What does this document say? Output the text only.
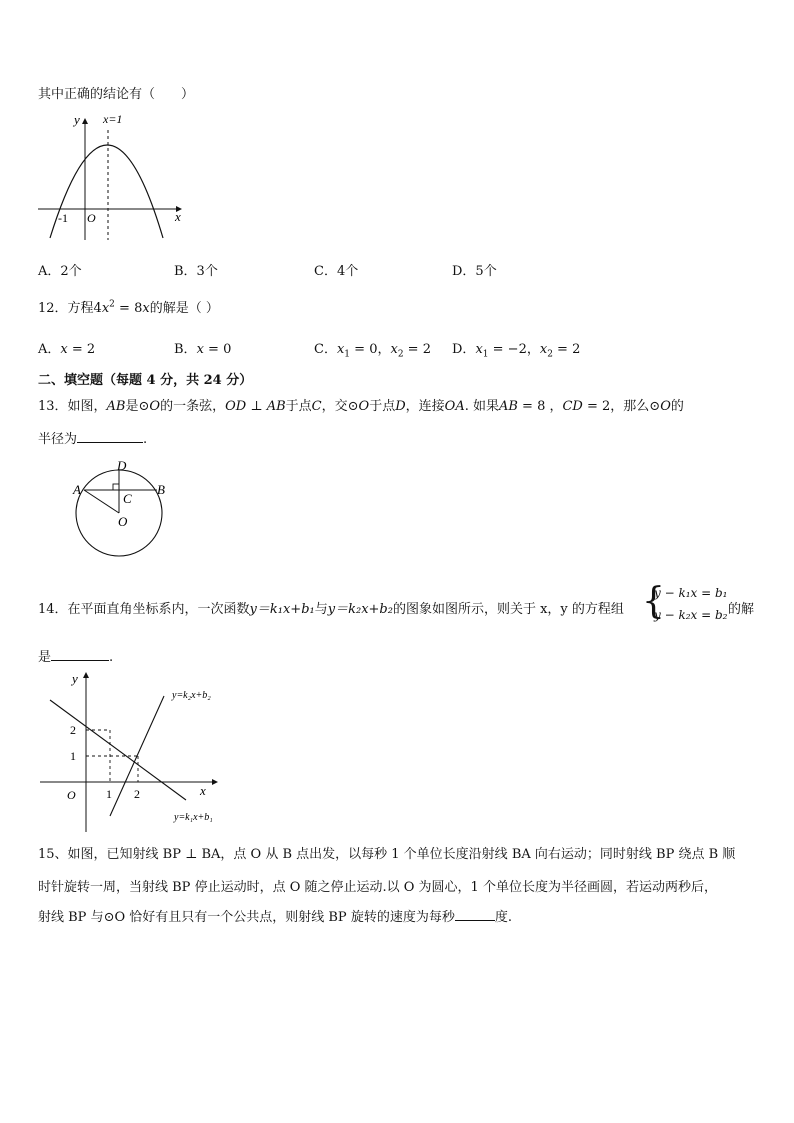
其中正确的结论有（　　）
y x=1
-1 O	x
A．2个	B．3个	C．4个	D．5个
12．方程$4x^2 = 8x$的解是（ ）
A．x = 2	B．x = 0	C．$x_1 = 0$，$x_2 = 2$ D．$x_1 = -2$，$x_2 = 2$
二、填空题（每题 4 分，共 24 分）
13．如图，AB是⊙O的一条弦，OD ⊥ AB于点C，交⊙O于点D，连接OA. 如果AB = 8 ，CD = 2，那么⊙O的
半径为	.
D
A	B
C
O
14．在平面直角坐标系内，一次函数y＝k₁x+b₁与y＝k₂x+b₂的图象如图所示，则关于 x，y 的方程组 {
y − k₁x = b₁
y − k₂x = b₂ 的解
是	.
y
x
O
2
1
1 2
y=k₂x+b₂
y=k₁x+b₁
15、如图，已知射线 BP ⊥ BA，点 O 从 B 点出发，以每秒 1 个单位长度沿射线 BA 向右运动；同时射线 BP 绕点 B 顺
时针旋转一周，当射线 BP 停止运动时，点 O 随之停止运动.以 O 为圆心，1 个单位长度为半径画圆，若运动两秒后，
射线 BP 与⊙O 恰好有且只有一个公共点，则射线 BP 旋转的速度为每秒	度.
